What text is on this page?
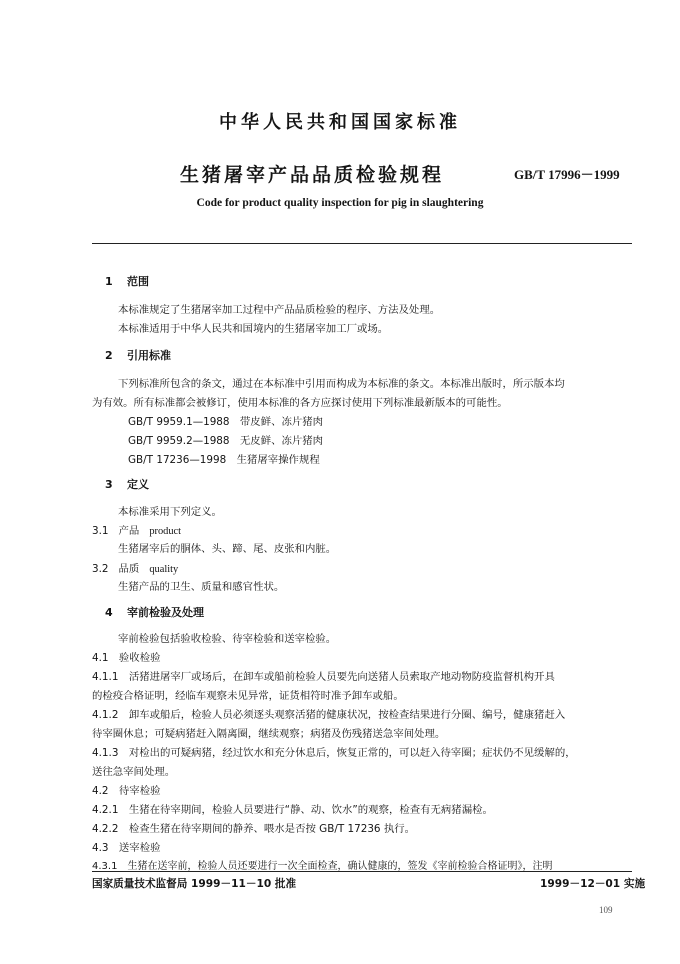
中华人民共和国国家标准
生猪屠宰产品品质检验规程	GB/T 17996－1999
Code for product quality inspection for pig in slaughtering
1 范围
本标准规定了生猪屠宰加工过程中产品品质检验的程序、方法及处理。
本标准适用于中华人民共和国境内的生猪屠宰加工厂或场。
2 引用标准
下列标准所包含的条文，通过在本标准中引用而构成为本标准的条文。本标准出版时，所示版本均
为有效。所有标准都会被修订，使用本标准的各方应探讨使用下列标准最新版本的可能性。
GB/T 9959.1—1988　带皮鲜、冻片猪肉
GB/T 9959.2—1988　无皮鲜、冻片猪肉
GB/T 17236—1998　生猪屠宰操作规程
3 定义
本标准采用下列定义。
3.1 产品 product
生猪屠宰后的胴体、头、蹄、尾、皮张和内脏。
3.2 品质 quality
生猪产品的卫生、质量和感官性状。
4 宰前检验及处理
宰前检验包括验收检验、待宰检验和送宰检验。
4.1　验收检验
4.1.1　活猪进屠宰厂或场后，在卸车或船前检验人员要先向送猪人员索取产地动物防疫监督机构开具
的检疫合格证明，经临车观察未见异常，证货相符时准予卸车或船。
4.1.2　卸车或船后，检验人员必须逐头观察活猪的健康状况，按检查结果进行分圈、编号，健康猪赶入
待宰圈休息；可疑病猪赶入隔离圈，继续观察；病猪及伤残猪送急宰间处理。
4.1.3　对检出的可疑病猪，经过饮水和充分休息后，恢复正常的，可以赶入待宰圈；症状仍不见缓解的，
送往急宰间处理。
4.2　待宰检验
4.2.1　生猪在待宰期间，检验人员要进行“静、动、饮水”的观察，检查有无病猪漏检。
4.2.2　检查生猪在待宰期间的静养、喂水是否按 GB/T 17236 执行。
4.3　送宰检验
4.3.1　生猪在送宰前，检验人员还要进行一次全面检查，确认健康的，签发《宰前检验合格证明》，注明
国家质量技术监督局 1999－11－10 批准	1999－12－01 实施
109
